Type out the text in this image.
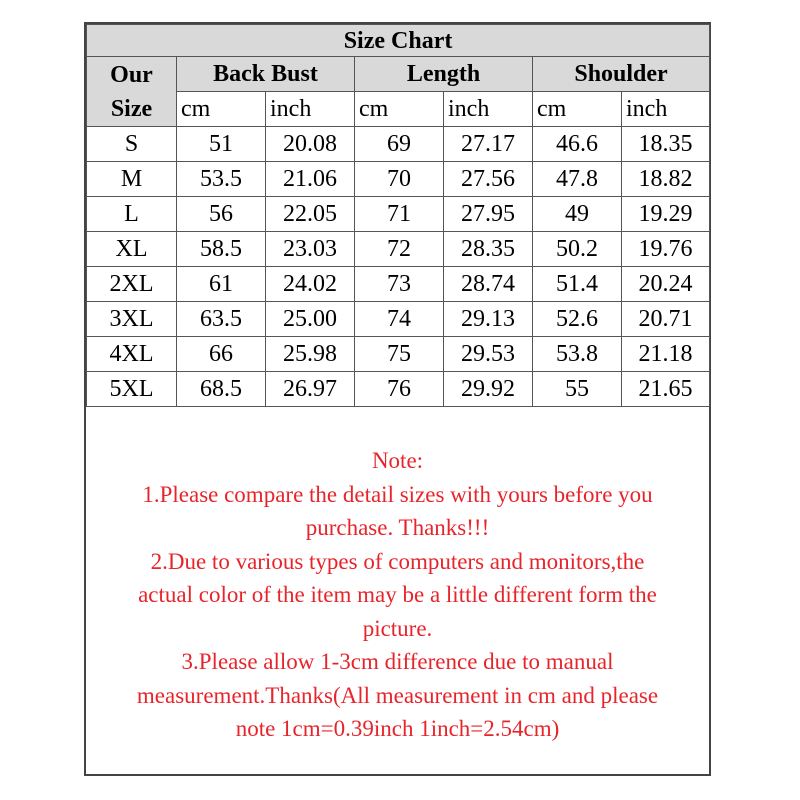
Size Chart						

Our
Size	Back Bust		Length		Shoulder	
	cm	inch	cm	inch	cm	inch
S	51	20.08	69	27.17	46.6	18.35
M	53.5	21.06	70	27.56	47.8	18.82
L	56	22.05	71	27.95	49	19.29
XL	58.5	23.03	72	28.35	50.2	19.76
2XL	61	24.02	73	28.74	51.4	20.24
3XL	63.5	25.00	74	29.13	52.6	20.71
4XL	66	25.98	75	29.53	53.8	21.18
5XL	68.5	26.97	76	29.92	55	21.65

Note:

1.Please compare the detail sizes with yours before you

purchase. Thanks!!!

2.Due to various types of computers and monitors,the

actual color of the item may be a little different form the

picture.

3.Please allow 1-3cm difference due to manual

measurement.Thanks(All measurement in cm and please

note 1cm=0.39inch 1inch=2.54cm)
